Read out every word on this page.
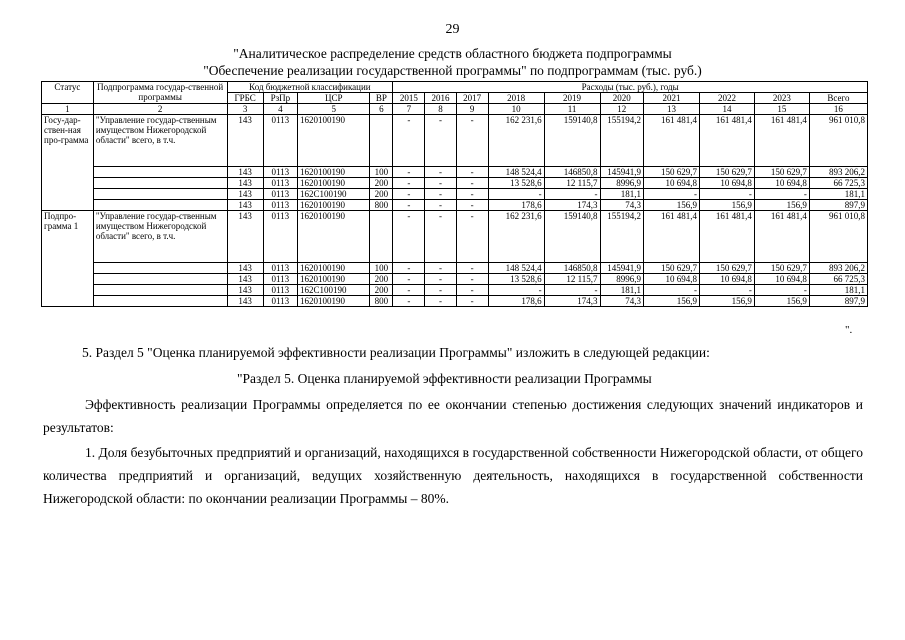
29
"Аналитическое распределение средств областного бюджета подпрограммы
"Обеспечение реализации государственной программы" по подпрограммам (тыс. руб.)
Статус	Подпрограмма государ-ственной программы	Код бюджетной классификации				Расходы (тыс. руб.), годы									
		ГРБС	РзПр	ЦСР	ВР	2015	2016	2017	2018	2019	2020	2021	2022	2023	Всего
1	2	3	4	5	6	7	8	9	10	11	12	13	14	15	16
Госу-дар-ствен-ная про-грамма	"Управление государ-ственным имуществом Нижегородской области" всего, в т.ч.	143	0113	1620100190		-	-	-	162 231,6	159140,8	155194,2	161 481,4	161 481,4	161 481,4	961 010,8
		143	0113	1620100190	100	-	-	-	148 524,4	146850,8	145941,9	150 629,7	150 629,7	150 629,7	893 206,2
		143	0113	1620100190	200	-	-	-	13 528,6	12 115,7	8996,9	10 694,8	10 694,8	10 694,8	66 725,3
		143	0113	162C100190	200	-	-	-	-	-	181,1	-	-	-	181,1
		143	0113	1620100190	800	-	-	-	178,6	174,3	74,3	156,9	156,9	156,9	897,9
Подпро-грамма 1	"Управление государ-ственным имуществом Нижегородской области" всего, в т.ч.	143	0113	1620100190		-	-	-	162 231,6	159140,8	155194,2	161 481,4	161 481,4	161 481,4	961 010,8
		143	0113	1620100190	100	-	-	-	148 524,4	146850,8	145941,9	150 629,7	150 629,7	150 629,7	893 206,2
		143	0113	1620100190	200	-	-	-	13 528,6	12 115,7	8996,9	10 694,8	10 694,8	10 694,8	66 725,3
		143	0113	162C100190	200	-	-	-	-	-	181,1	-	-	-	181,1
		143	0113	1620100190	800	-	-	-	178,6	174,3	74,3	156,9	156,9	156,9	897,9
".
5. Раздел 5 "Оценка планируемой эффективности реализации Программы" изложить в следующей редакции:
"Раздел 5. Оценка планируемой эффективности реализации Программы
Эффективность реализации Программы определяется по ее окончании степенью достижения следующих значений индикаторов и результатов:
1. Доля безубыточных предприятий и организаций, находящихся в государственной собственности Нижегородской области, от общего количества предприятий и организаций, ведущих хозяйственную деятельность, находящихся в государственной собственности Нижегородской области: по окончании реализации Программы – 80%.
